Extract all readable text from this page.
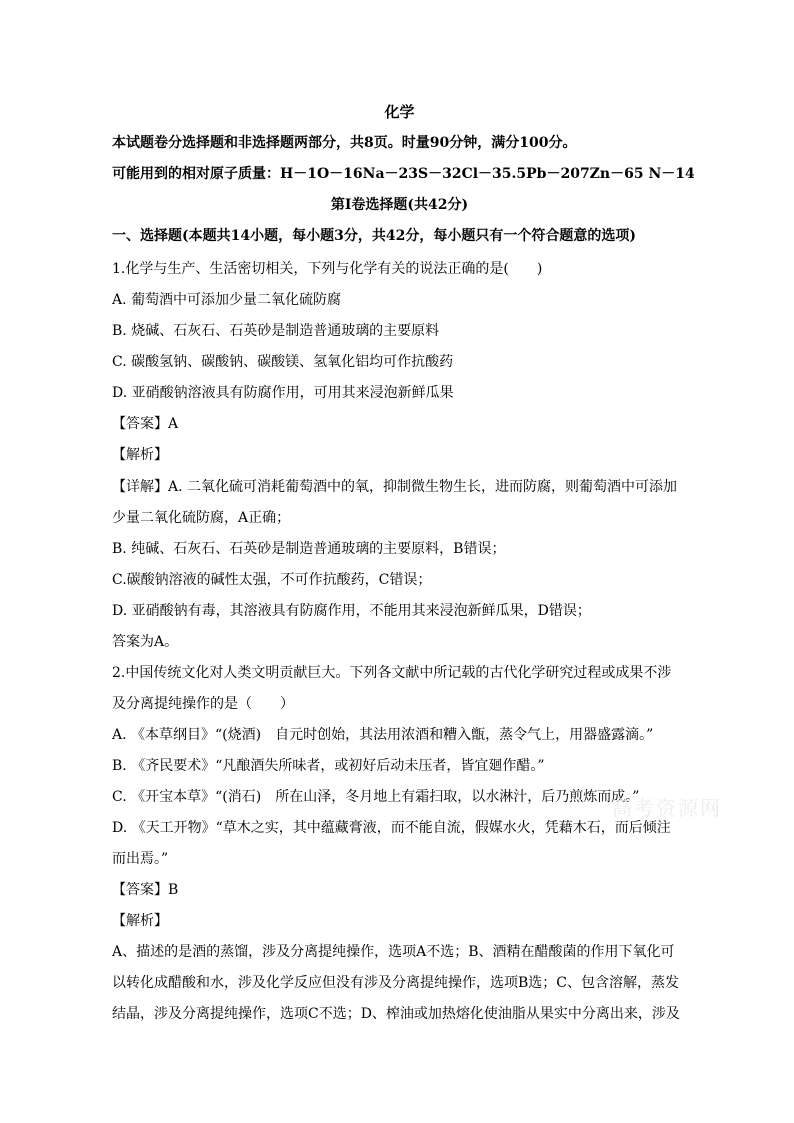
化学
本试题卷分选择题和非选择题两部分，共8页。时量90分钟，满分100分。
可能用到的相对原子质量：H－1O－16Na－23S－32Cl－35.5Pb－207Zn－65 N－14
第Ⅰ卷选择题(共42分)
一、选择题(本题共14小题，每小题3分，共42分，每小题只有一个符合题意的选项)
1.化学与生产、生活密切相关，下列与化学有关的说法正确的是(　　)
A. 葡萄酒中可添加少量二氧化硫防腐
B. 烧碱、石灰石、石英砂是制造普通玻璃的主要原料
C. 碳酸氢钠、碳酸钠、碳酸镁、氢氧化铝均可作抗酸药
D. 亚硝酸钠溶液具有防腐作用，可用其来浸泡新鲜瓜果
【答案】A
【解析】
【详解】A. 二氧化硫可消耗葡萄酒中的氧，抑制微生物生长，进而防腐，则葡萄酒中可添加
少量二氧化硫防腐，A正确；
B. 纯碱、石灰石、石英砂是制造普通玻璃的主要原料，B错误；
C.碳酸钠溶液的碱性太强，不可作抗酸药，C错误；
D. 亚硝酸钠有毒，其溶液具有防腐作用，不能用其来浸泡新鲜瓜果，D错误；
答案为A。
2.中国传统文化对人类文明贡献巨大。下列各文献中所记载的古代化学研究过程或成果不涉
及分离提纯操作的是（　　）
A. 《本草纲目》“(烧酒)　自元时创始，其法用浓酒和糟入甑，蒸令气上，用器盛露滴。”
B. 《齐民要术》“凡酿酒失所味者，或初好后动未压者，皆宜廻作醋。”
C. 《开宝本草》“(消石)　所在山泽，冬月地上有霜扫取，以水淋汁，后乃煎炼而成。”
D. 《天工开物》“草木之实，其中蕴藏膏液，而不能自流，假媒水火，凭藉木石，而后倾注
而出焉。”
【答案】B
【解析】
A、描述的是酒的蒸馏，涉及分离提纯操作，选项A不选；B、酒精在醋酸菌的作用下氧化可
以转化成醋酸和水，涉及化学反应但没有涉及分离提纯操作，选项B选；C、包含溶解，蒸发
结晶，涉及分离提纯操作，选项C不选；D、榨油或加热熔化使油脂从果实中分离出来，涉及
高考资源网
